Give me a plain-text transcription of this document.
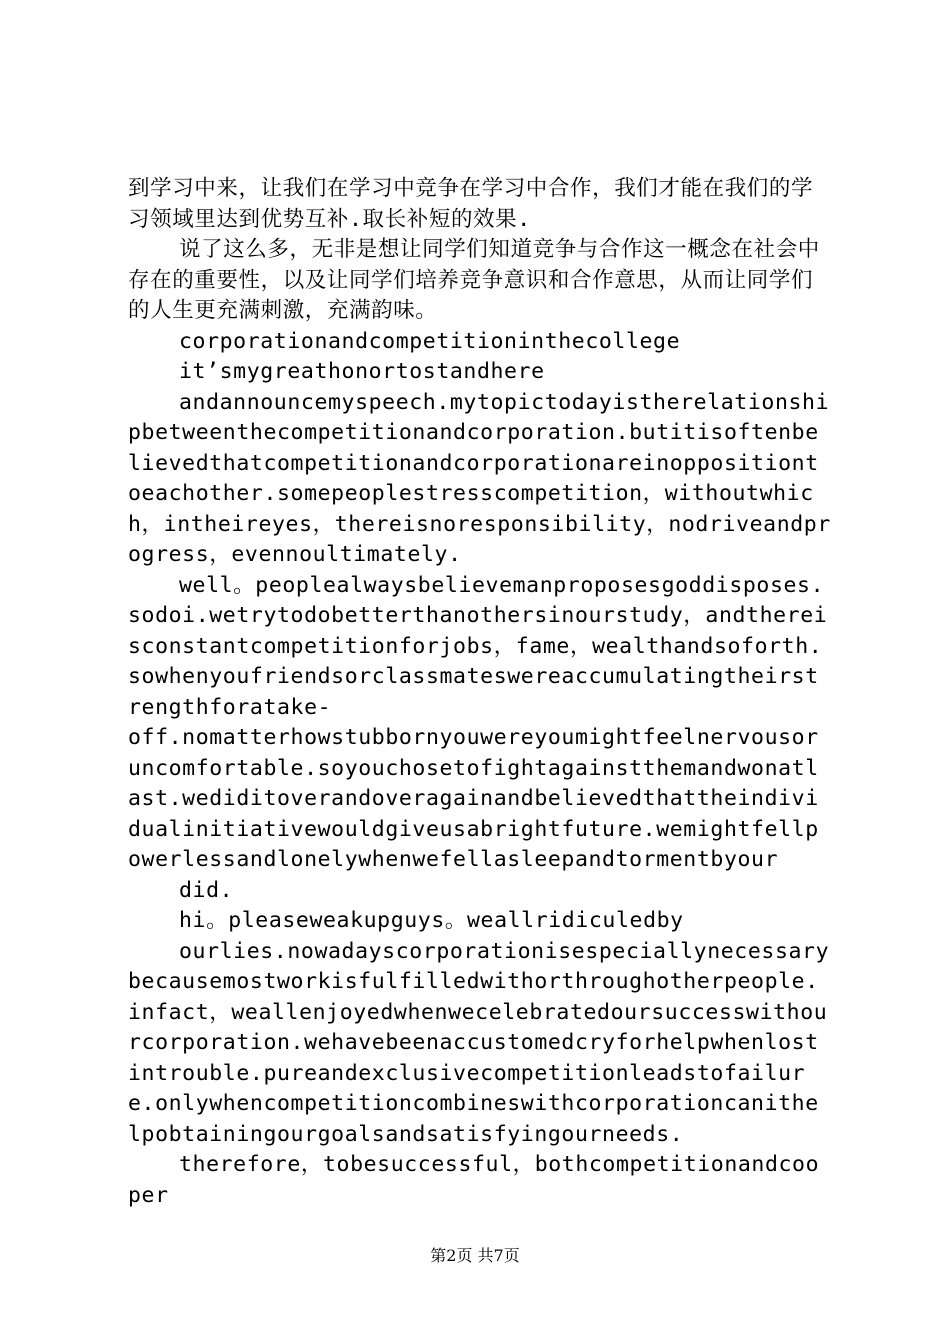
到学习中来，让我们在学习中竞争在学习中合作，我们才能在我们的学习领域里达到优势互补.取长补短的效果.

说了这么多，无非是想让同学们知道竞争与合作这一概念在社会中存在的重要性，以及让同学们培养竞争意识和合作意思，从而让同学们的人生更充满刺激，充满韵味。

corporationandcompetitioninthecollege

it’smygreathonortostandhere

andannouncemyspeech.mytopictodayistherelationshipbetweenthecompetitionandcorporation.butitisoftenbelievedthatcompetitionandcorporationareinoppositiontoeachother.somepeoplestresscompetition，withoutwhich，intheireyes，thereisnoresponsibility，nodriveandprogress，evennoultimately.

well。peoplealwaysbelievemanproposesgoddisposes.sodoi.wetrytodobetterthanothersinourstudy，andthereisconstantcompetitionforjobs，fame，wealthandsoforth.sowhenyoufriendsorclassmateswereaccumulatingtheirstrengthforatake-

off.nomatterhowstubbornyouwereyoumightfeelnervousoruncomfortable.soyouchosetofightagainstthemandwonatlast.wediditoverandoveragainandbelievedthattheindividualinitiativewouldgiveusabrightfuture.wemightfellpowerlessandlonelywhenwefellasleepandtormentbyour

did.

hi。pleaseweakupguys。weallridiculedby

ourlies.nowadayscorporationisespeciallynecessarybecausemostworkisfulfilledwithorthroughotherpeople.infact，weallenjoyedwhenwecelebratedoursuccesswithourcorporation.wehavebeenaccustomedcryforhelpwhenlostintrouble.pureandexclusivecompetitionleadstofailure.onlywhencompetitioncombineswithcorporationcanithelpobtainingourgoalsandsatisfyingourneeds.

therefore，tobesuccessful，bothcompetitionandcooper

第2页 共7页
